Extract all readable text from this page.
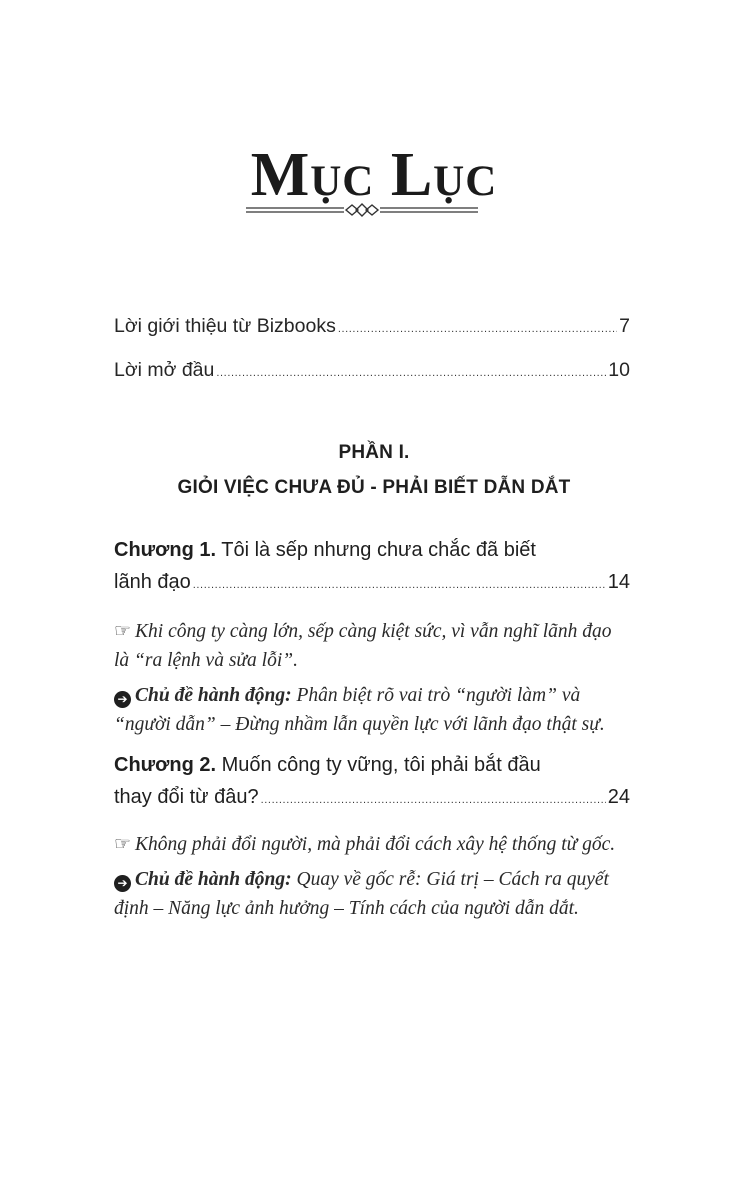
Mục Lục
Lời giới thiệu từ Bizbooks .....	7
Lời mở đầu .....	10
PHẦN I.
GIỎI VIỆC CHƯA ĐỦ - PHẢI BIẾT DẪN DẮT
Chương 1. Tôi là sếp nhưng chưa chắc đã biết
lãnh đạo .....	14

☞ Khi công ty càng lớn, sếp càng kiệt sức, vì vẫn nghĩ lãnh đạo là “ra lệnh và sửa lỗi”.

➔ Chủ đề hành động: Phân biệt rõ vai trò “người làm” và “người dẫn” – Đừng nhầm lẫn quyền lực với lãnh đạo thật sự.

Chương 2. Muốn công ty vững, tôi phải bắt đầu
thay đổi từ đâu? .....	24

☞ Không phải đổi người, mà phải đổi cách xây hệ thống từ gốc.

➔ Chủ đề hành động: Quay về gốc rễ: Giá trị – Cách ra quyết định – Năng lực ảnh hưởng – Tính cách của người dẫn dắt.
